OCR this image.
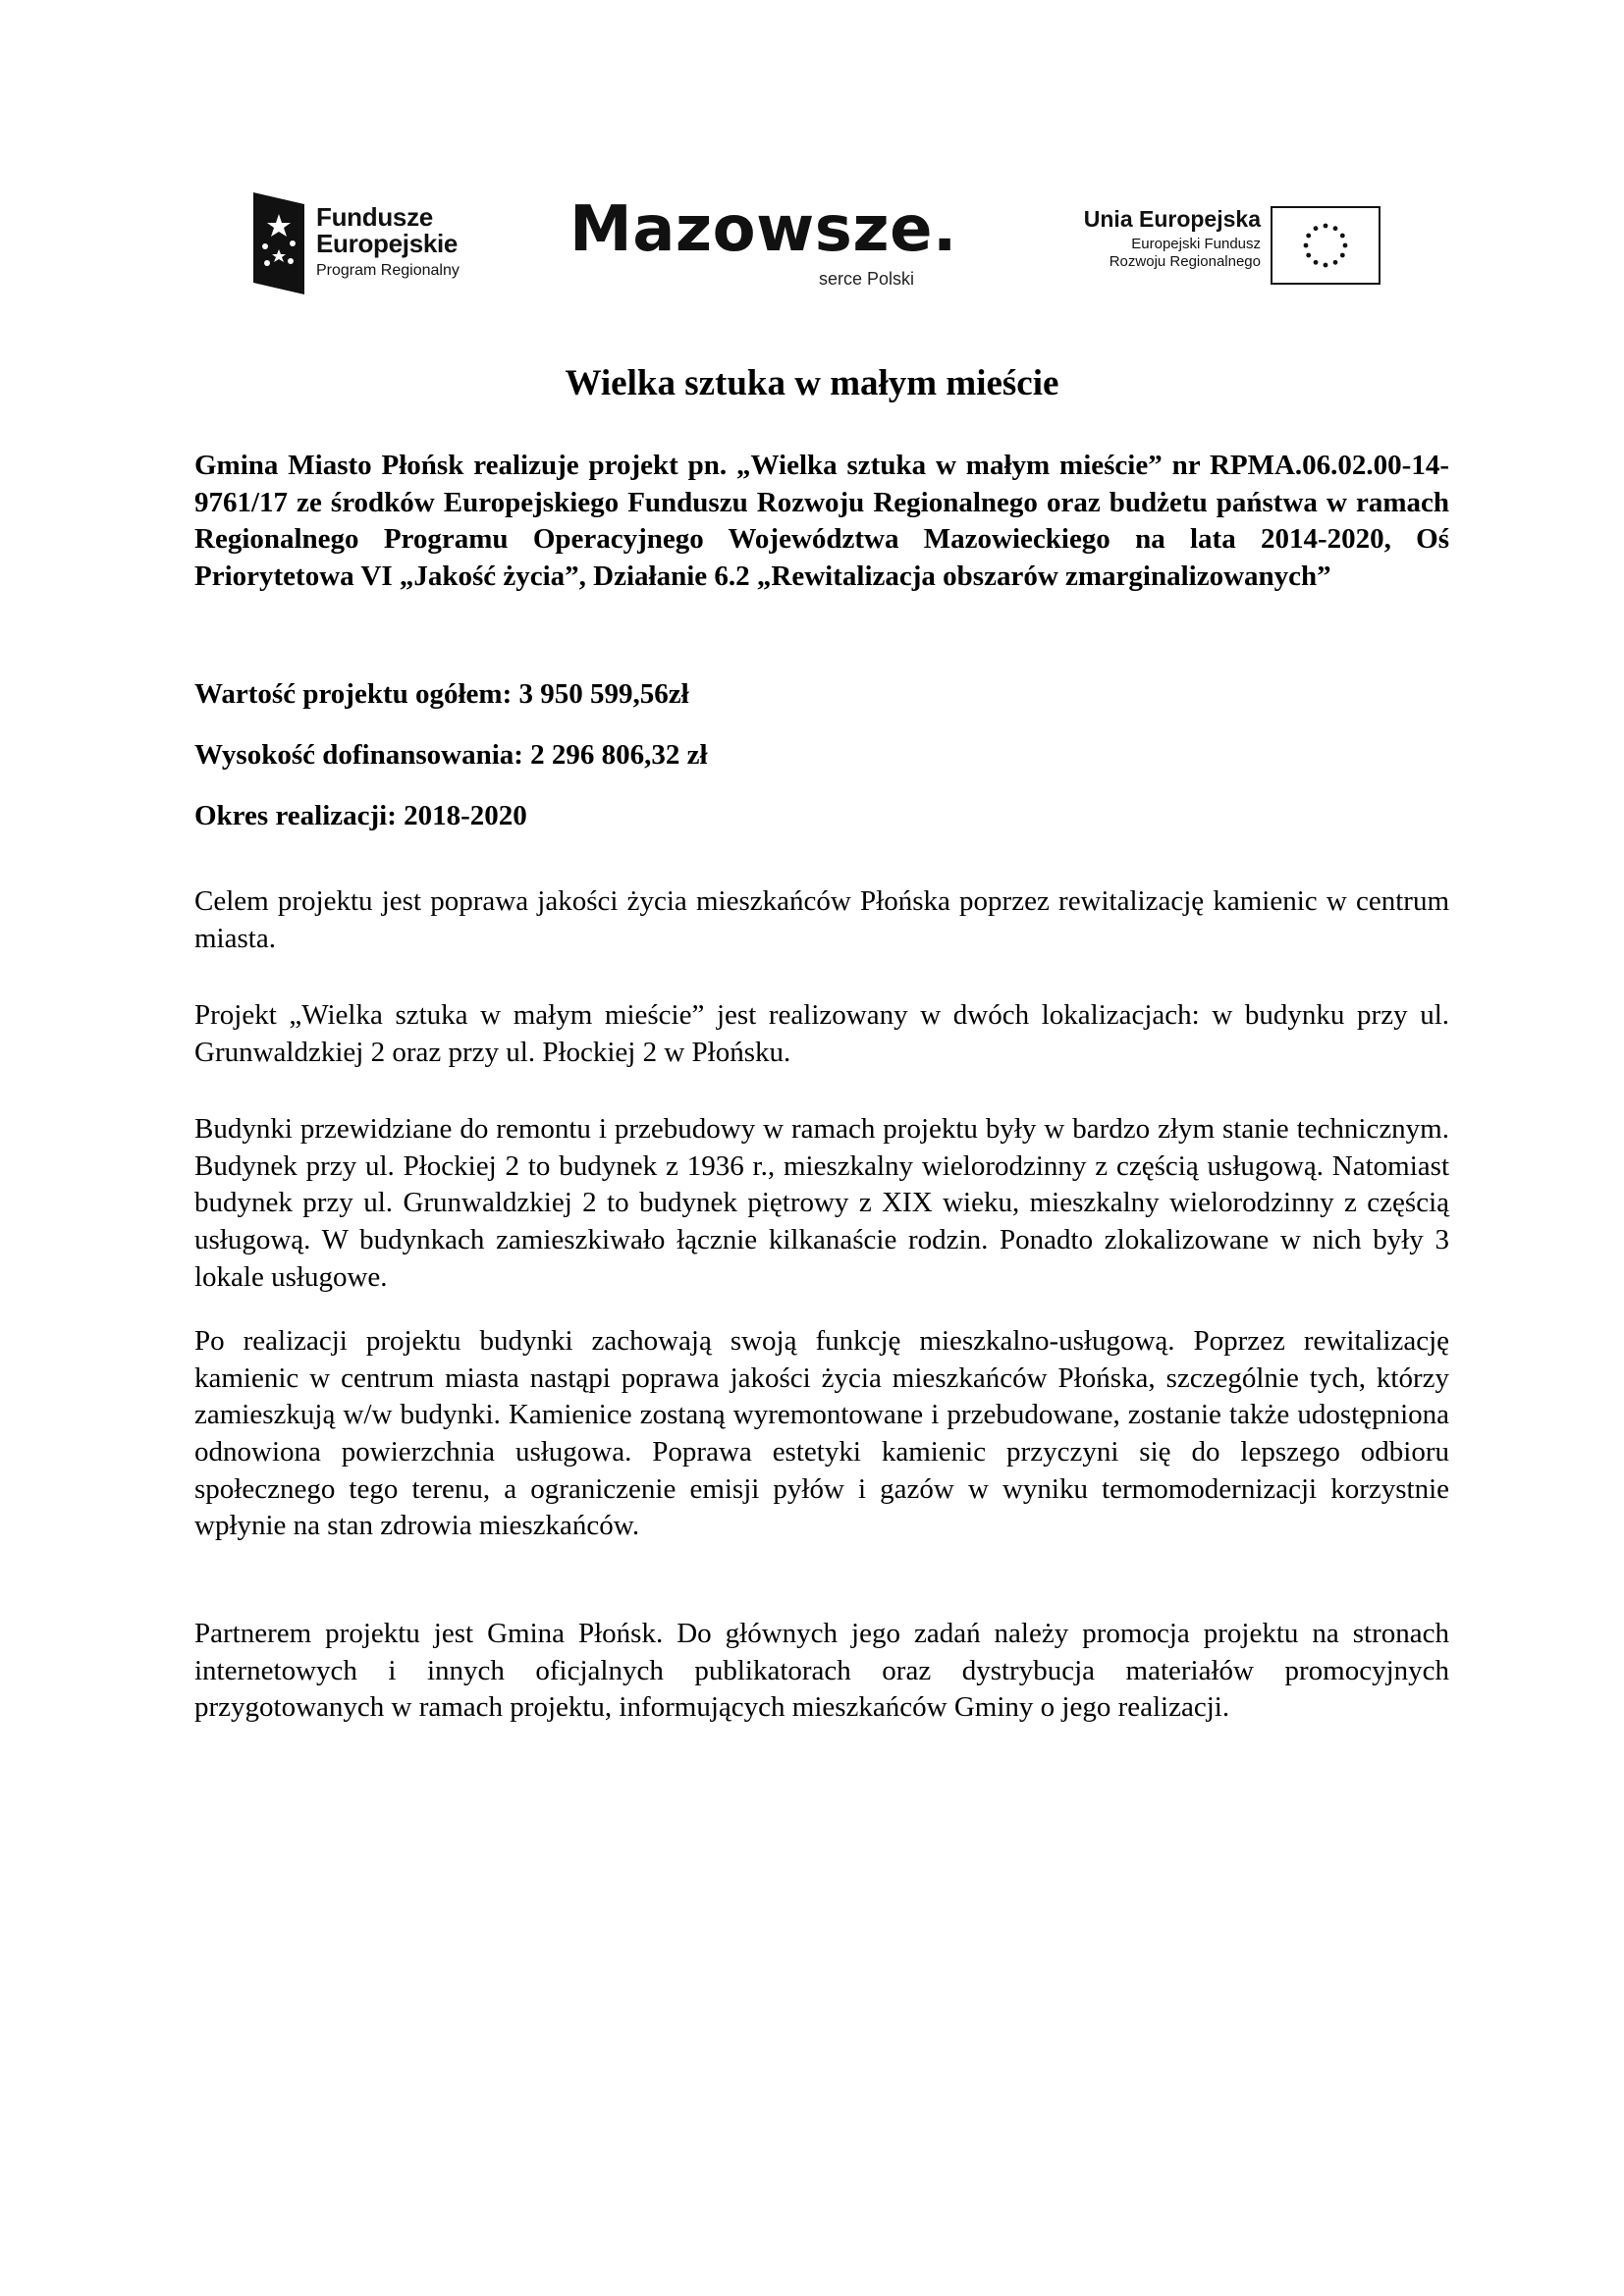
Fundusze
Europejskie
Program Regionalny
Mazowsze.
serce Polski
Unia Europejska
Europejski Fundusz
Rozwoju Regionalnego
Wielka sztuka w małym mieście

Gmina Miasto Płońsk realizuje projekt pn. „Wielka sztuka w małym mieście” nr RPMA.06.02.00-14-9761/17 ze środków Europejskiego Funduszu Rozwoju Regionalnego oraz budżetu państwa w ramach Regionalnego Programu Operacyjnego Województwa Mazowieckiego na lata 2014-2020, Oś Priorytetowa VI „Jakość życia”, Działanie 6.2 „Rewitalizacja obszarów zmarginalizowanych”

Wartość projektu ogółem: 3 950 599,56zł
Wysokość dofinansowania: 2 296 806,32 zł
Okres realizacji: 2018-2020

Celem projektu jest poprawa jakości życia mieszkańców Płońska poprzez rewitalizację kamienic w centrum miasta.

Projekt „Wielka sztuka w małym mieście” jest realizowany w dwóch lokalizacjach: w budynku przy ul. Grunwaldzkiej 2 oraz przy ul. Płockiej 2 w Płońsku.

Budynki przewidziane do remontu i przebudowy w ramach projektu były w bardzo złym stanie technicznym. Budynek przy ul. Płockiej 2 to budynek z 1936 r., mieszkalny wielorodzinny z częścią usługową. Natomiast budynek przy ul. Grunwaldzkiej 2 to budynek piętrowy z XIX wieku, mieszkalny wielorodzinny z częścią usługową. W budynkach zamieszkiwało łącznie kilkanaście rodzin. Ponadto zlokalizowane w nich były 3 lokale usługowe.

Po realizacji projektu budynki zachowają swoją funkcję mieszkalno-usługową. Poprzez rewitalizację kamienic w centrum miasta nastąpi poprawa jakości życia mieszkańców Płońska, szczególnie tych, którzy zamieszkują w/w budynki. Kamienice zostaną wyremontowane i przebudowane, zostanie także udostępniona odnowiona powierzchnia usługowa. Poprawa estetyki kamienic przyczyni się do lepszego odbioru społecznego tego terenu, a ograniczenie emisji pyłów i gazów w wyniku termomodernizacji korzystnie wpłynie na stan zdrowia mieszkańców.

Partnerem projektu jest Gmina Płońsk. Do głównych jego zadań należy promocja projektu na stronach internetowych i innych oficjalnych publikatorach oraz dystrybucja materiałów promocyjnych przygotowanych w ramach projektu, informujących mieszkańców Gminy o jego realizacji.
